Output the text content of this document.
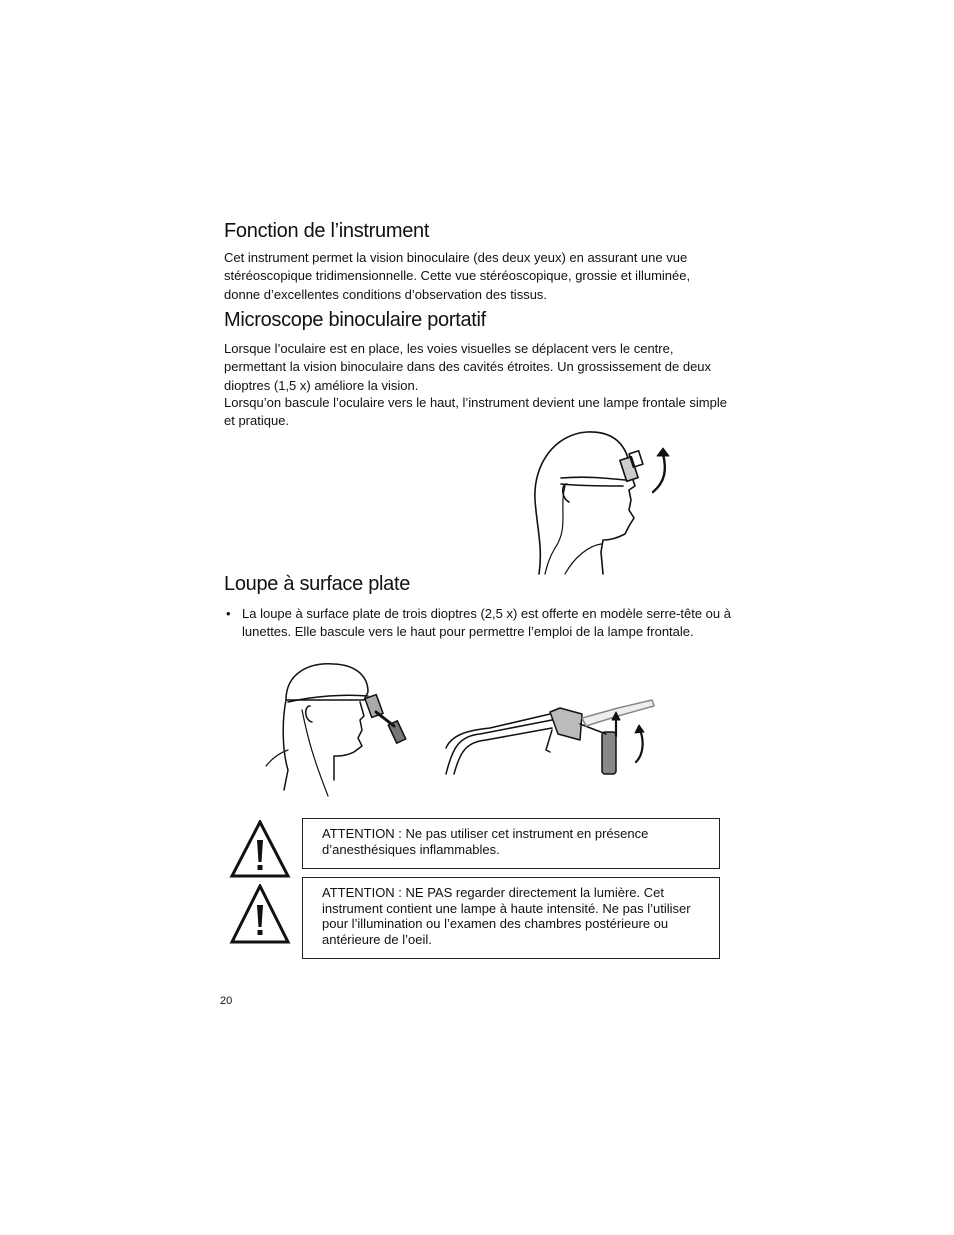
Fonction de l’instrument

Cet instrument permet la vision binoculaire (des deux yeux) en assurant une vue stéréoscopique tridimensionnelle. Cette vue stéréoscopique, grossie et illuminée, donne d’excellentes conditions d’observation des tissus.

Microscope binoculaire portatif

Lorsque l’oculaire est en place, les voies visuelles se déplacent vers le centre, permettant la vision binoculaire dans des cavités étroites. Un grossissement de deux dioptres (1,5 x) améliore la vision.

Lorsqu’on bascule l’oculaire vers le haut, l’instrument devient une lampe frontale simple et pratique.

Loupe à surface plate
• La loupe à surface plate de trois dioptres (2,5 x) est offerte en modèle serre-tête ou à lunettes. Elle bascule vers le haut pour permettre l’emploi de la lampe frontale.

ATTENTION : Ne pas utiliser cet instrument en présence d’anesthésiques inflammables.
ATTENTION : NE PAS regarder directement la lumière. Cet instrument contient une lampe à haute intensité. Ne pas l’utiliser pour l’illumination ou l’examen des chambres postérieure ou antérieure de l’oeil.
20
